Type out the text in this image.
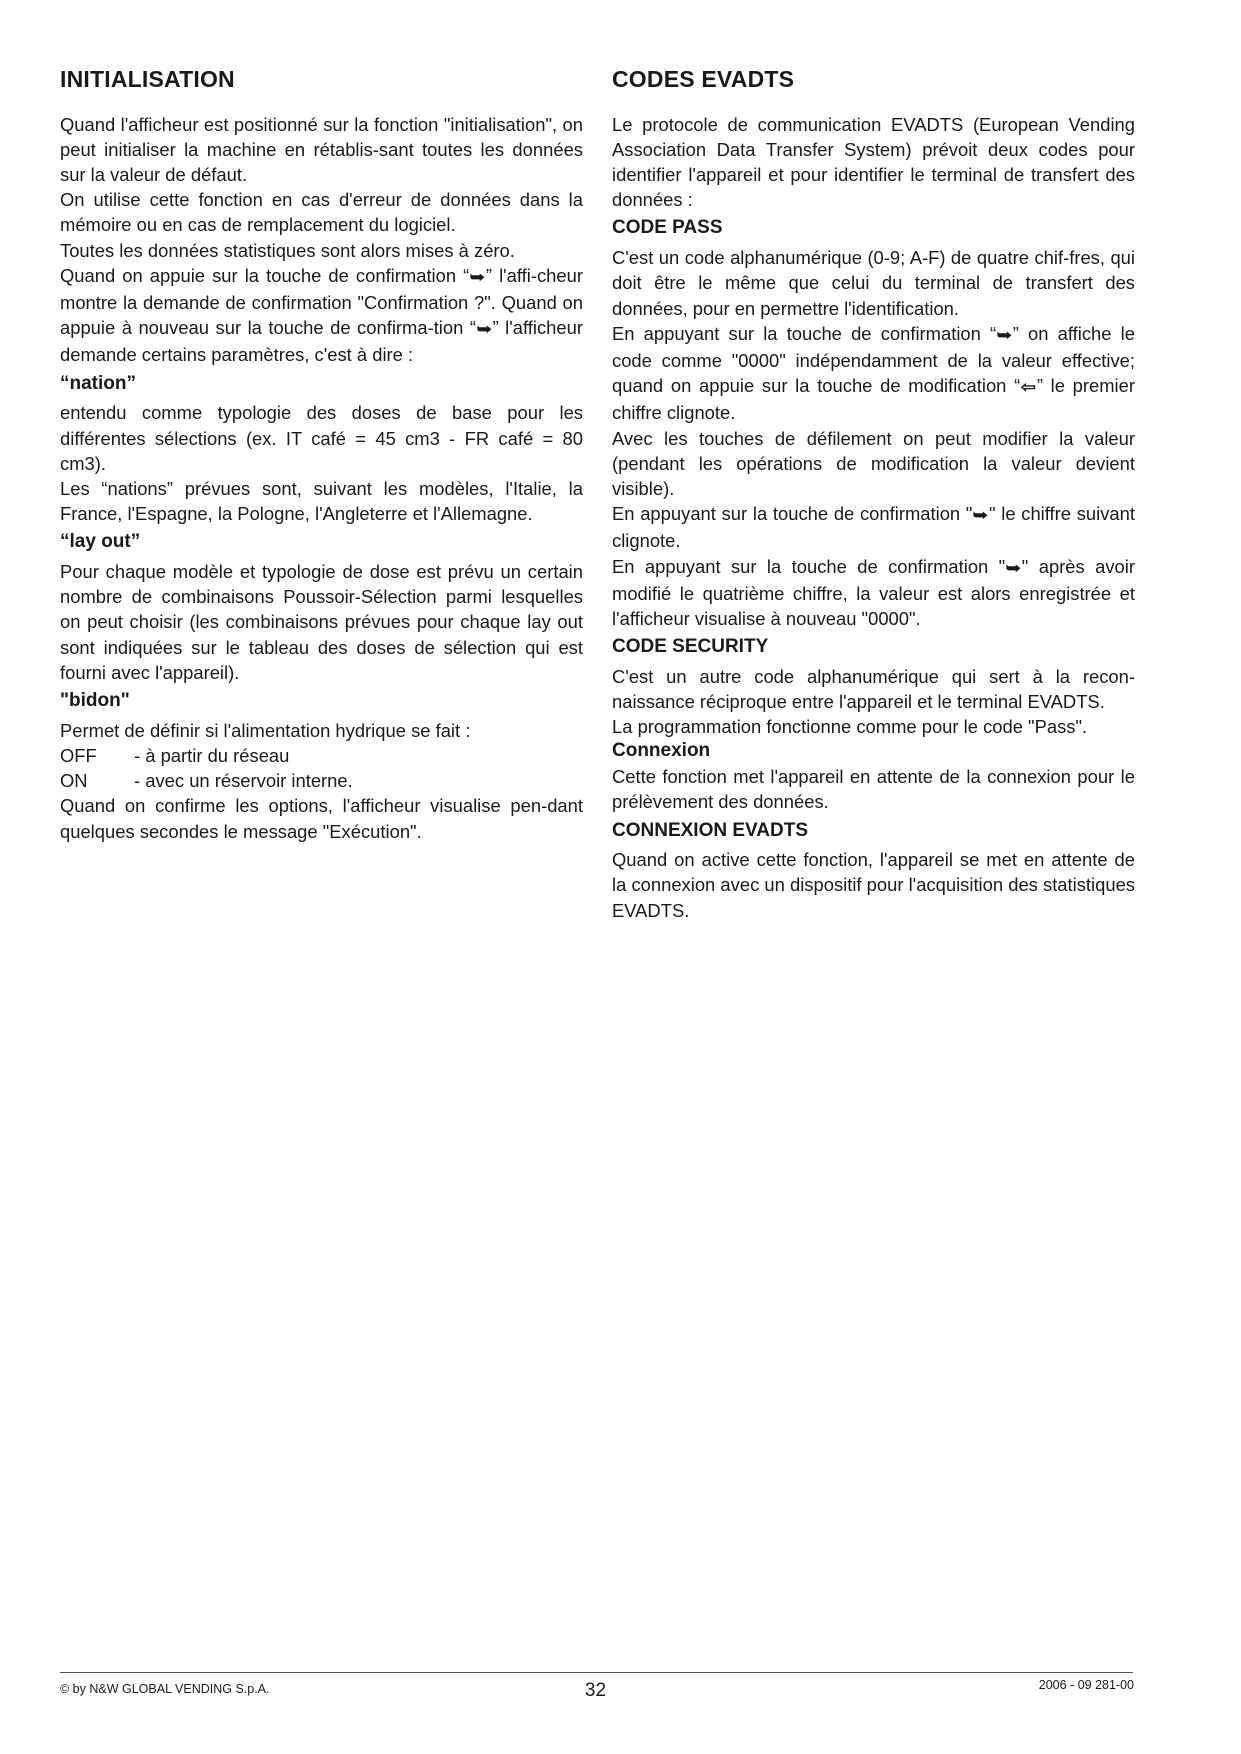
INITIALISATION

Quand l'afficheur est positionné sur la fonction "initialisation", on peut initialiser la machine en rétablis-sant toutes les données sur la valeur de défaut.

On utilise cette fonction en cas d'erreur de données dans la mémoire ou en cas de remplacement du logiciel.

Toutes les données statistiques sont alors mises à zéro.

Quand on appuie sur la touche de confirmation “➥” l'affi-cheur montre la demande de confirmation "Confirmation ?". Quand on appuie à nouveau sur la touche de confirma-tion “➥” l'afficheur demande certains paramètres, c'est à dire :

“nation”

entendu comme typologie des doses de base pour les différentes sélections (ex. IT café = 45 cm3 - FR café = 80 cm3).

Les “nations” prévues sont, suivant les modèles, l'Italie, la France, l'Espagne, la Pologne, l'Angleterre et l'Allemagne.

“lay out”

Pour chaque modèle et typologie de dose est prévu un certain nombre de combinaisons Poussoir-Sélection parmi lesquelles on peut choisir (les combinaisons prévues pour chaque lay out sont indiquées sur le tableau des doses de sélection qui est fourni avec l'appareil).

"bidon"

Permet de définir si l'alimentation hydrique se fait :

OFF	- à partir du réseau
ON	- avec un réservoir interne.

Quand on confirme les options, l'afficheur visualise pen-dant quelques secondes le message "Exécution".

CODES EVADTS

Le protocole de communication EVADTS (European Vending Association Data Transfer System) prévoit deux codes pour identifier l'appareil et pour identifier le terminal de transfert des données :

CODE PASS

C'est un code alphanumérique (0-9; A-F) de quatre chif-fres, qui doit être le même que celui du terminal de transfert des données, pour en permettre l'identification.

En appuyant sur la touche de confirmation “➥” on affiche le code comme "0000" indépendamment de la valeur effective; quand on appuie sur la touche de modification “⇦” le premier chiffre clignote.

Avec les touches de défilement on peut modifier la valeur (pendant les opérations de modification la valeur devient visible).

En appuyant sur la touche de confirmation "➥" le chiffre suivant clignote.

En appuyant sur la touche de confirmation "➥" après avoir modifié le quatrième chiffre, la valeur est alors enregistrée et l'afficheur visualise à nouveau "0000".

CODE SECURITY

C'est un autre code alphanumérique qui sert à la recon-naissance réciproque entre l'appareil et le terminal EVADTS.

La programmation fonctionne comme pour le code "Pass".

Connexion

Cette fonction met l'appareil en attente de la connexion pour le prélèvement des données.

CONNEXION EVADTS

Quand on active cette fonction, l'appareil se met en attente de la connexion avec un dispositif pour l'acquisition des statistiques EVADTS.

© by N&W GLOBAL VENDING S.p.A.	32	2006 - 09 281-00
